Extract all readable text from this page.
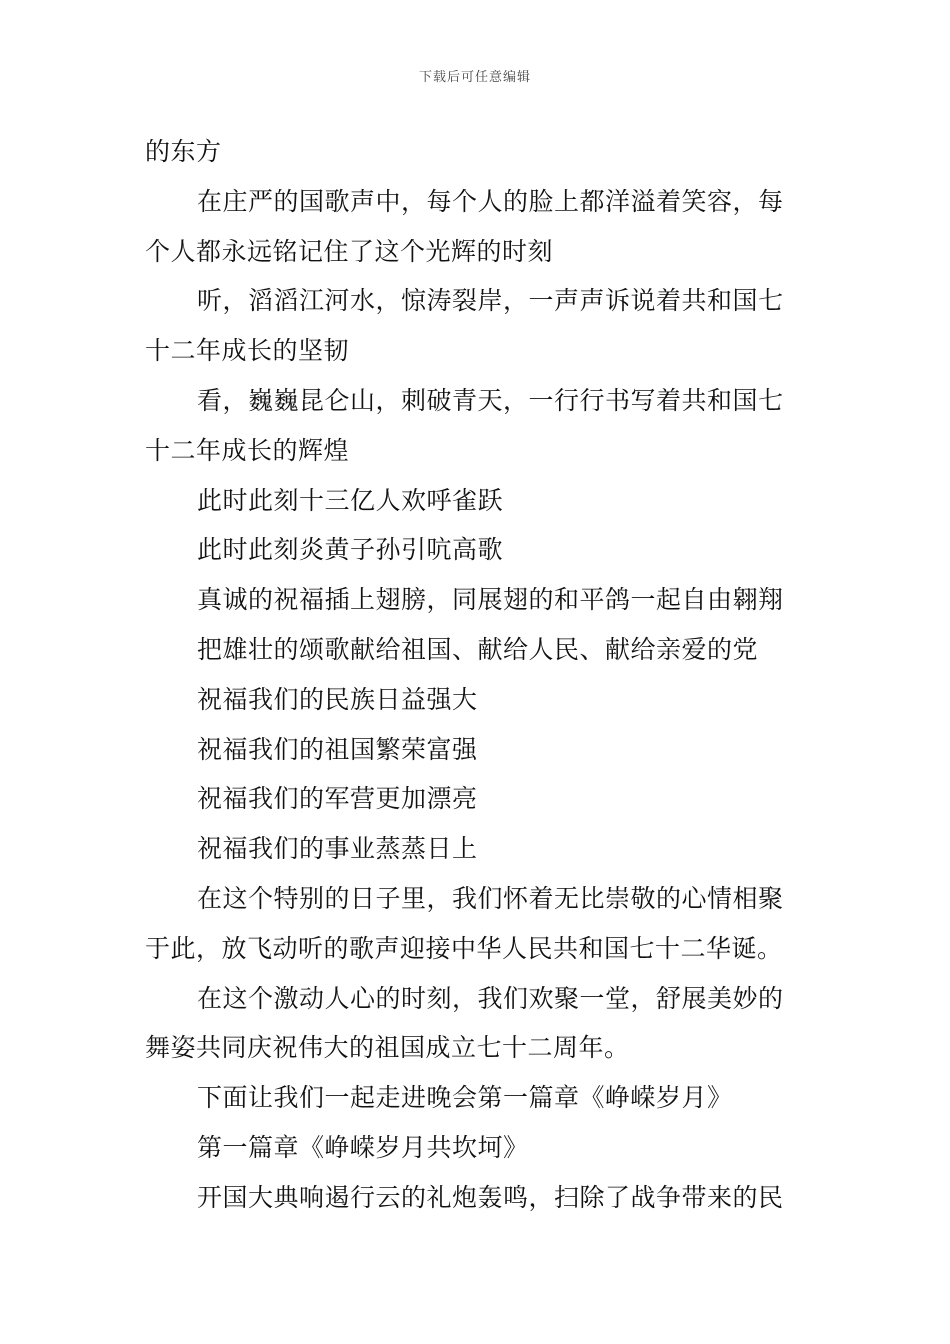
下载后可任意编辑
的东方
在庄严的国歌声中，每个人的脸上都洋溢着笑容，每
个人都永远铭记住了这个光辉的时刻
听，滔滔江河水，惊涛裂岸，一声声诉说着共和国七
十二年成长的坚韧
看，巍巍昆仑山，刺破青天，一行行书写着共和国七
十二年成长的辉煌
此时此刻十三亿人欢呼雀跃
此时此刻炎黄子孙引吭高歌
真诚的祝福插上翅膀，同展翅的和平鸽一起自由翱翔
把雄壮的颂歌献给祖国、献给人民、献给亲爱的党
祝福我们的民族日益强大
祝福我们的祖国繁荣富强
祝福我们的军营更加漂亮
祝福我们的事业蒸蒸日上
在这个特别的日子里，我们怀着无比崇敬的心情相聚
于此，放飞动听的歌声迎接中华人民共和国七十二华诞。
在这个激动人心的时刻，我们欢聚一堂，舒展美妙的
舞姿共同庆祝伟大的祖国成立七十二周年。
下面让我们一起走进晚会第一篇章《峥嵘岁月》
第一篇章《峥嵘岁月共坎坷》
开国大典响遏行云的礼炮轰鸣，扫除了战争带来的民
